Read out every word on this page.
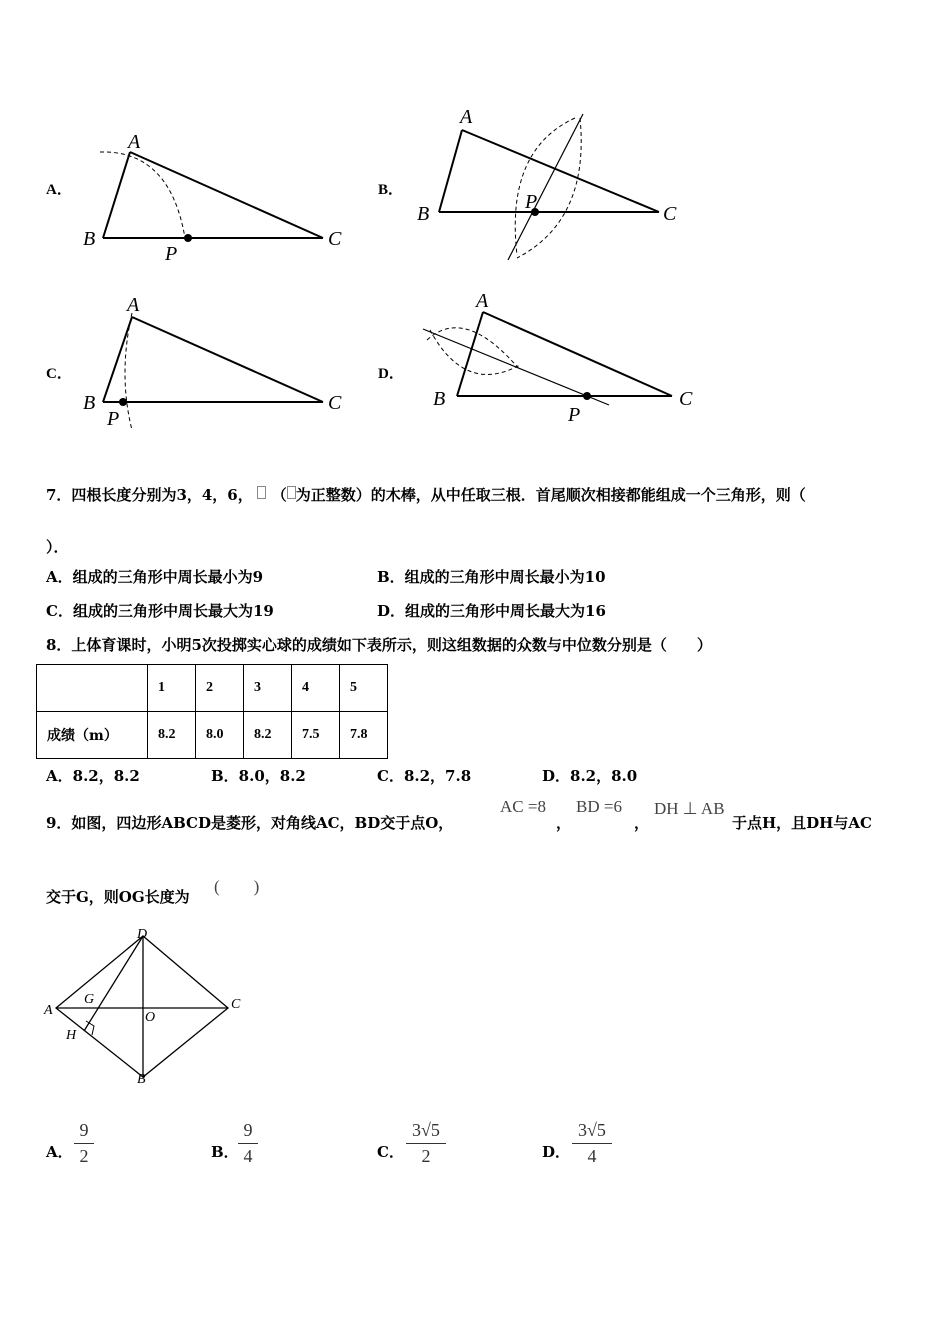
A．
A
B	C
P
B．
A
B	C
P
C．
A
B	C
P
D．
A
B	C
P
7．四根长度分别为3，4，6， （ 为正整数）的木棒，从中任取三根．首尾顺次相接都能组成一个三角形，则（
）．
A．组成的三角形中周长最小为9	B．组成的三角形中周长最小为10
C．组成的三角形中周长最大为19	D．组成的三角形中周长最大为16
8．上体育课时，小明5次投掷实心球的成绩如下表所示，则这组数据的众数与中位数分别是（　　）
	1	2	3	4	5
成绩（m）	8.2	8.0	8.2	7.5	7.8
A．8.2，8.2	B．8.0，8.2	C．8.2，7.8	D．8.2，8.0
9．如图，四边形ABCD是菱形，对角线AC，BD交于点O，
AC =8
，
BD =6
，
DH ⊥ AB
于点H，且DH与AC
交于G，则OG长度为
(　　)
D
A	C
B
G
H
O
A．
9
2	B．
9
4	C．
3√5
2	D．
3√5
4
